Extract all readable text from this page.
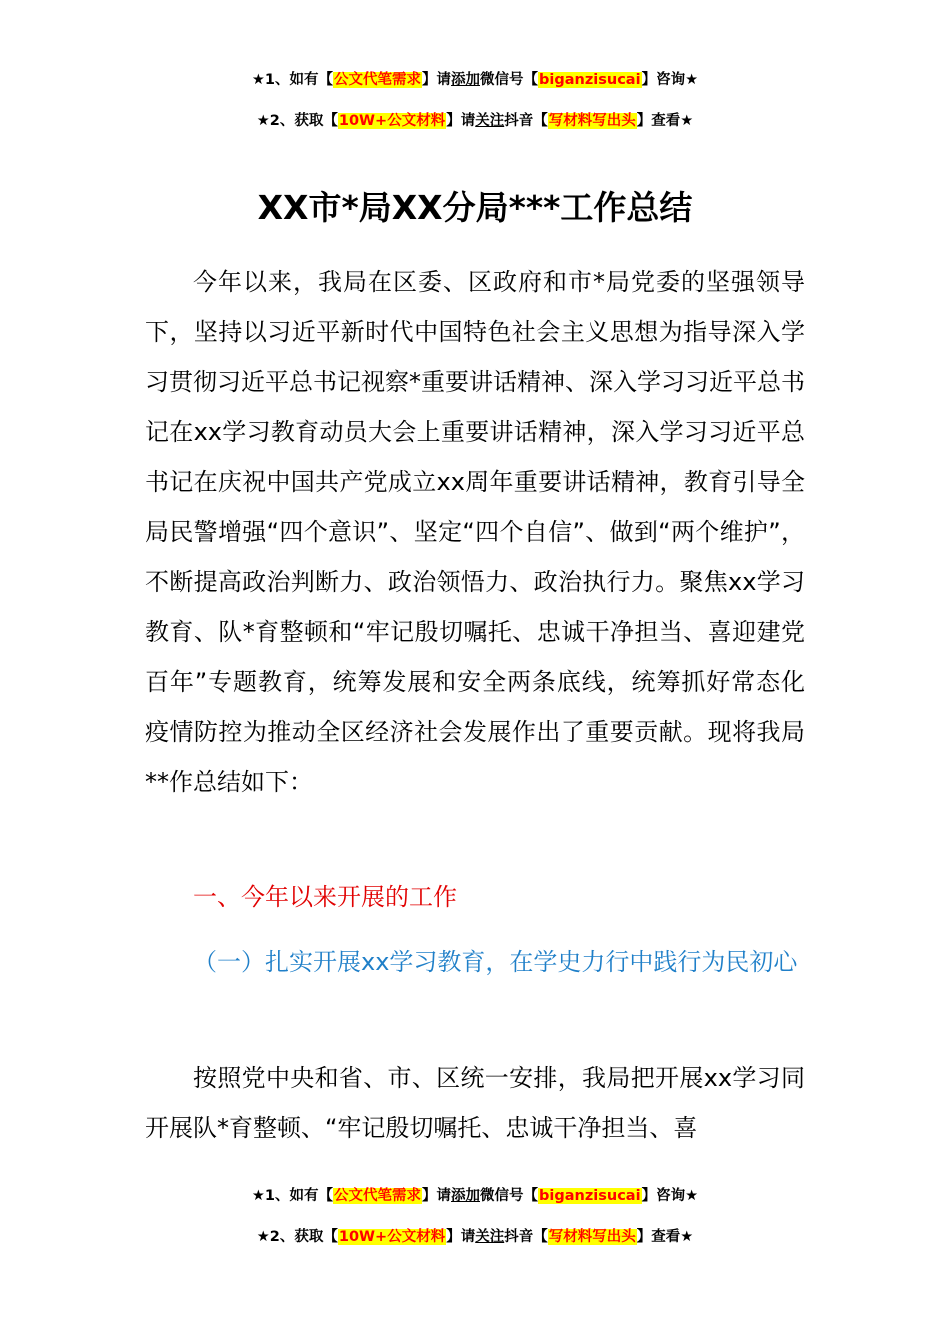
★1、如有【公文代笔需求】请添加微信号【biganzisucai】咨询★
★2、获取【10W+公文材料】请关注抖音【写材料写出头】查看★
XX市*局XX分局***工作总结

今年以来，我局在区委、区政府和市*局党委的坚强领导下，坚持以习近平新时代中国特色社会主义思想为指导深入学习贯彻习近平总书记视察*重要讲话精神、深入学习习近平总书记在xx学习教育动员大会上重要讲话精神，深入学习习近平总书记在庆祝中国共产党成立xx周年重要讲话精神，教育引导全局民警增强“四个意识”、坚定“四个自信”、做到“两个维护”，不断提高政治判断力、政治领悟力、政治执行力。聚焦xx学习教育、队*育整顿和“牢记殷切嘱托、忠诚干净担当、喜迎建党百年”专题教育，统筹发展和安全两条底线，统筹抓好常态化疫情防控为推动全区经济社会发展作出了重要贡献。现将我局**作总结如下：

一、今年以来开展的工作

（一）扎实开展xx学习教育，在学史力行中践行为民初心

按照党中央和省、市、区统一安排，我局把开展xx学习同开展队*育整顿、“牢记殷切嘱托、忠诚干净担当、喜

★1、如有【公文代笔需求】请添加微信号【biganzisucai】咨询★
★2、获取【10W+公文材料】请关注抖音【写材料写出头】查看★
